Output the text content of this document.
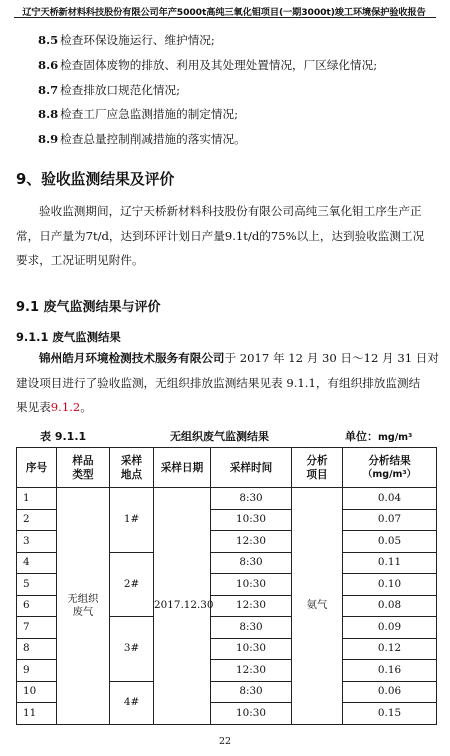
辽宁天桥新材料科技股份有限公司年产5000t高纯三氧化钼项目(一期3000t)竣工环境保护验收报告
8.5 检查环保设施运行、维护情况;
8.6 检查固体废物的排放、利用及其处理处置情况，厂区绿化情况;
8.7 检查排放口规范化情况;
8.8 检查工厂应急监测措施的制定情况;
8.9 检查总量控制削减措施的落实情况。
9、验收监测结果及评价
验收监测期间，辽宁天桥新材料科技股份有限公司高纯三氧化钼工序生产正
常，日产量为7t/d，达到环评计划日产量9.1t/d的75%以上，达到验收监测工况
要求，工况证明见附件。
9.1 废气监测结果与评价
9.1.1 废气监测结果
锦州皓月环境检测技术服务有限公司于 2017 年 12 月 30 日～12 月 31 日对
建设项目进行了验收监测，无组织排放监测结果见表 9.1.1，有组织排放监测结
果见表9.1.2。
表 9.1.1	无组织废气监测结果	单位：mg/m³
序号	样品类型	采样地点	采样日期	采样时间	分析项目	分析结果
（mg/m³）

1	无组织废气	1#	2017.12.30	8:30	氨气	0.04
2				10:30		0.07
3				12:30		0.05
4		2#		8:30		0.11
5				10:30		0.10
6				12:30		0.08
7		3#		8:30		0.09
8				10:30		0.12
9				12:30		0.16
10		4#		8:30		0.06
11				10:30		0.15
22
